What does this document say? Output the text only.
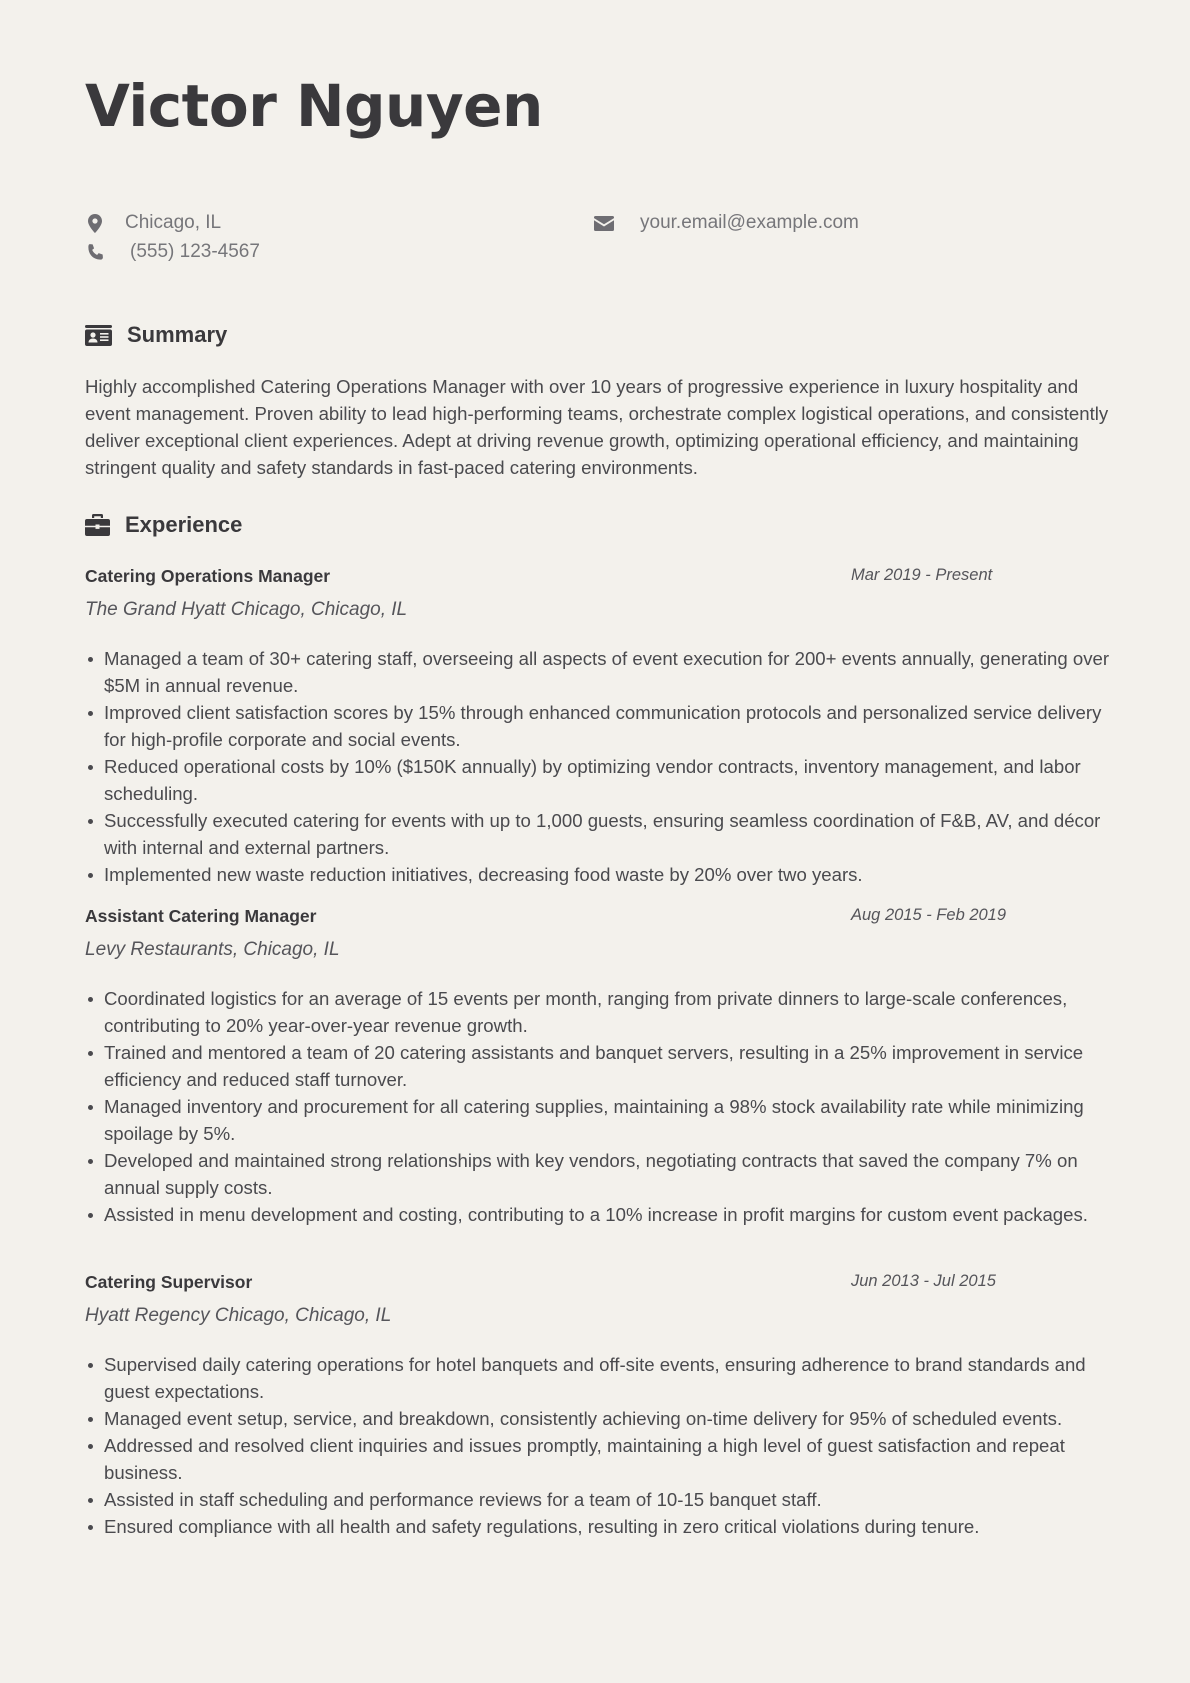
Victor Nguyen
Chicago, IL
(555) 123-4567
your.email@example.com
Summary

Highly accomplished Catering Operations Manager with over 10 years of progressive experience in luxury hospitality and event management. Proven ability to lead high-performing teams, orchestrate complex logistical operations, and consistently deliver exceptional client experiences. Adept at driving revenue growth, optimizing operational efficiency, and maintaining stringent quality and safety standards in fast-paced catering environments.

Experience
Catering Operations Manager	Mar 2019 - Present
The Grand Hyatt Chicago, Chicago, IL
Managed a team of 30+ catering staff, overseeing all aspects of event execution for 200+ events annually, generating over $5M in annual revenue.
Improved client satisfaction scores by 15% through enhanced communication protocols and personalized service delivery for high-profile corporate and social events.
Reduced operational costs by 10% ($150K annually) by optimizing vendor contracts, inventory management, and labor scheduling.
Successfully executed catering for events with up to 1,000 guests, ensuring seamless coordination of F&B, AV, and décor with internal and external partners.
Implemented new waste reduction initiatives, decreasing food waste by 20% over two years.
Assistant Catering Manager	Aug 2015 - Feb 2019
Levy Restaurants, Chicago, IL
Coordinated logistics for an average of 15 events per month, ranging from private dinners to large-scale conferences, contributing to 20% year-over-year revenue growth.
Trained and mentored a team of 20 catering assistants and banquet servers, resulting in a 25% improvement in service efficiency and reduced staff turnover.
Managed inventory and procurement for all catering supplies, maintaining a 98% stock availability rate while minimizing spoilage by 5%.
Developed and maintained strong relationships with key vendors, negotiating contracts that saved the company 7% on annual supply costs.
Assisted in menu development and costing, contributing to a 10% increase in profit margins for custom event packages.
Catering Supervisor	Jun 2013 - Jul 2015
Hyatt Regency Chicago, Chicago, IL
Supervised daily catering operations for hotel banquets and off-site events, ensuring adherence to brand standards and guest expectations.
Managed event setup, service, and breakdown, consistently achieving on-time delivery for 95% of scheduled events.
Addressed and resolved client inquiries and issues promptly, maintaining a high level of guest satisfaction and repeat business.
Assisted in staff scheduling and performance reviews for a team of 10-15 banquet staff.
Ensured compliance with all health and safety regulations, resulting in zero critical violations during tenure.
